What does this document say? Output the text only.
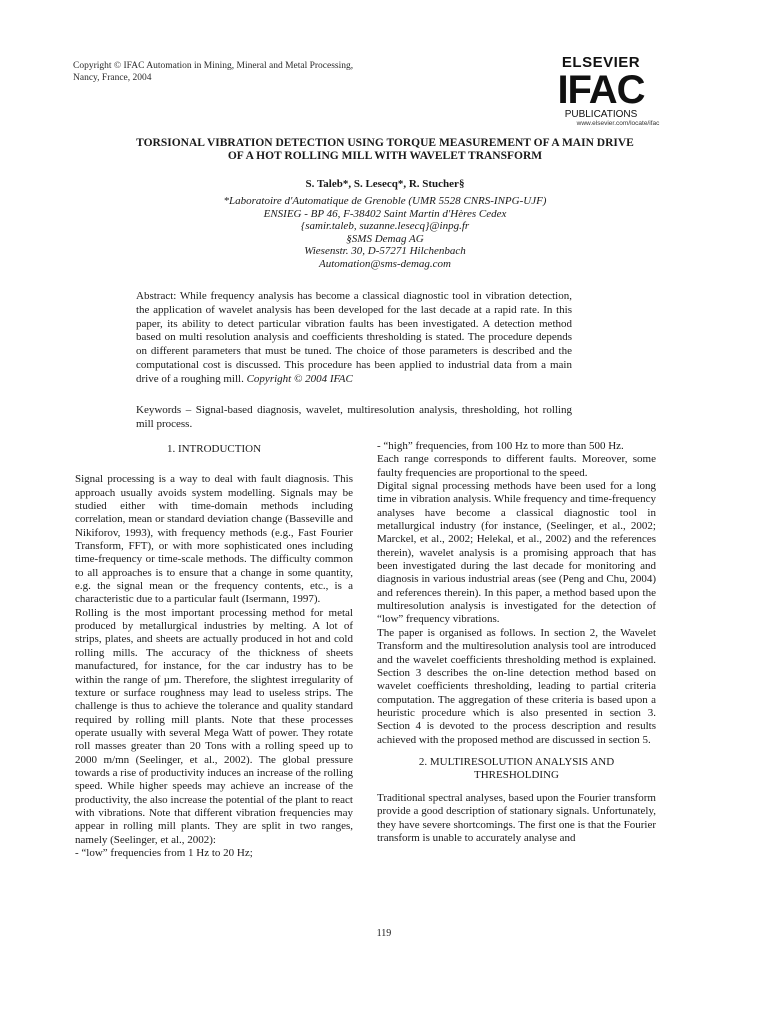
Copyright © IFAC Automation in Mining, Mineral and Metal Processing,
Nancy, France, 2004
ELSEVIER
IFAC
PUBLICATIONS
www.elsevier.com/locate/ifac
TORSIONAL VIBRATION DETECTION USING TORQUE MEASUREMENT OF A MAIN DRIVE
OF A HOT ROLLING MILL WITH WAVELET TRANSFORM
S. Taleb*, S. Lesecq*, R. Stucher§
*Laboratoire d'Automatique de Grenoble (UMR 5528 CNRS-INPG-UJF)
ENSIEG - BP 46, F-38402 Saint Martin d'Hères Cedex
{samir.taleb, suzanne.lesecq}@inpg.fr
§SMS Demag AG
Wiesenstr. 30, D-57271 Hilchenbach
Automation@sms-demag.com
Abstract: While frequency analysis has become a classical diagnostic tool in vibration detection, the application of wavelet analysis has been developed for the last decade at a rapid rate. In this paper, its ability to detect particular vibration faults has been investigated. A detection method based on multi resolution analysis and coefficients thresholding is stated. The procedure depends on different parameters that must be tuned. The choice of those parameters is described and the computational cost is discussed. This procedure has been applied to industrial data from a main drive of a roughing mill. Copyright © 2004 IFAC
Keywords – Signal-based diagnosis, wavelet, multiresolution analysis, thresholding, hot rolling mill process.
1. INTRODUCTION

Signal processing is a way to deal with fault diagnosis. This approach usually avoids system modelling. Signals may be studied either with time-domain methods including correlation, mean or standard deviation change (Basseville and Nikiforov, 1993), with frequency methods (e.g., Fast Fourier Transform, FFT), or with more sophisticated ones including time-frequency or time-scale methods. The difficulty common to all approaches is to ensure that a change in some quantity, e.g. the signal mean or the frequency contents, etc., is a characteristic due to a particular fault (Isermann, 1997).

Rolling is the most important processing method for metal produced by metallurgical industries by melting. A lot of strips, plates, and sheets are actually produced in hot and cold rolling mills. The accuracy of the thickness of sheets manufactured, for instance, for the car industry has to be within the range of µm. Therefore, the slightest irregularity of texture or surface roughness may lead to useless strips. The challenge is thus to achieve the tolerance and quality standard required by rolling mill plants. Note that these processes operate usually with several Mega Watt of power. They rotate roll masses greater than 20 Tons with a rolling speed up to 2000 m/mn (Seelinger, et al., 2002). The global pressure towards a rise of productivity induces an increase of the rolling speed. While higher speeds may achieve an increase of the productivity, the also increase the potential of the plant to react with vibrations. Note that different vibration frequencies may appear in rolling mill plants. They are split in two ranges, namely (Seelinger, et al., 2002):

- “low” frequencies from 1 Hz to 20 Hz;

- “high” frequencies, from 100 Hz to more than 500 Hz.

Each range corresponds to different faults. Moreover, some faulty frequencies are proportional to the speed.

Digital signal processing methods have been used for a long time in vibration analysis. While frequency and time-frequency analyses have become a classical diagnostic tool in metallurgical industry (for instance, (Seelinger, et al., 2002; Marckel, et al., 2002; Helekal, et al., 2002) and the references therein), wavelet analysis is a promising approach that has been investigated during the last decade for monitoring and diagnosis in various industrial areas (see (Peng and Chu, 2004) and references therein). In this paper, a method based upon the multiresolution analysis is investigated for the detection of “low” frequency vibrations.

The paper is organised as follows. In section 2, the Wavelet Transform and the multiresolution analysis tool are introduced and the wavelet coefficients thresholding method is explained. Section 3 describes the on-line detection method based on wavelet coefficients thresholding, leading to partial criteria computation. The aggregation of these criteria is based upon a heuristic procedure which is also presented in section 3. Section 4 is devoted to the process description and results achieved with the proposed method are discussed in section 5.

2. MULTIRESOLUTION ANALYSIS AND
THRESHOLDING

Traditional spectral analyses, based upon the Fourier transform provide a good description of stationary signals. Unfortunately, they have severe shortcomings. The first one is that the Fourier transform is unable to accurately analyse and

119
